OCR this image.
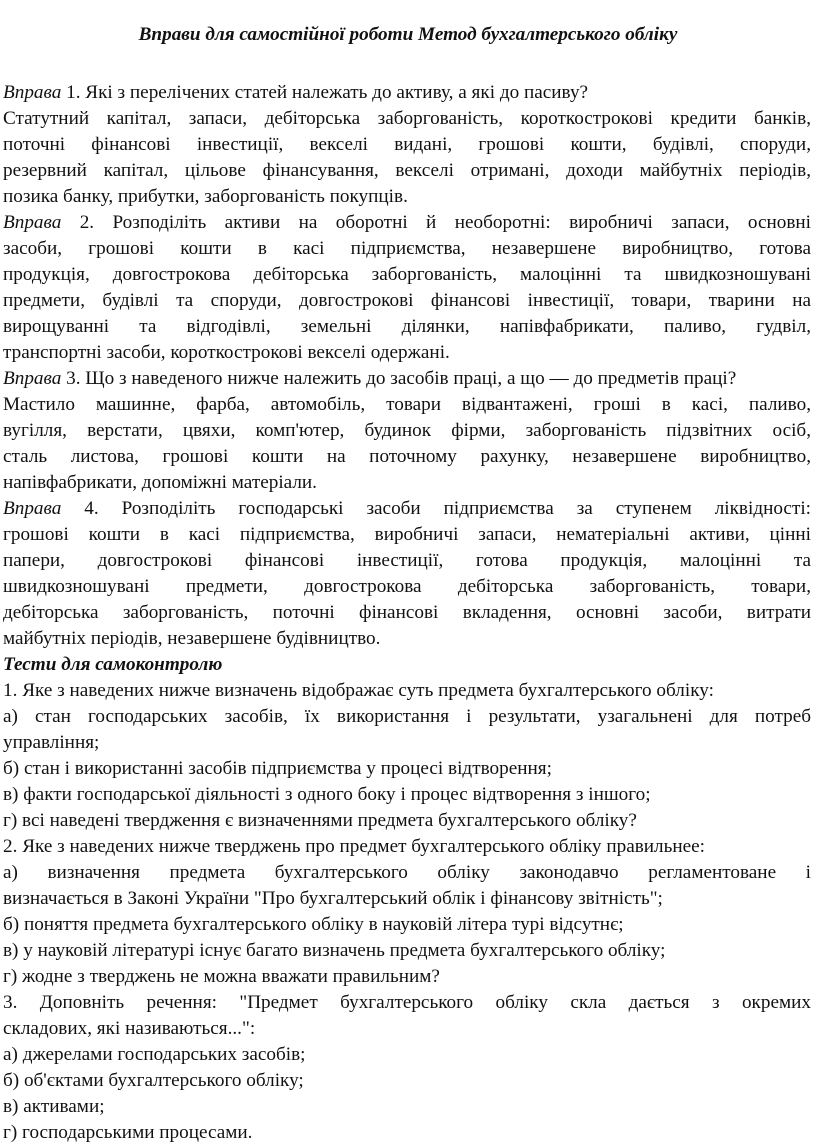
Вправи для самостійної роботи Метод бухгалтерського обліку
Вправа 1. Які з перелічених статей належать до активу, а які до пасиву?
Статутний капітал, запаси, дебіторська заборгованість, короткострокові кредити банків,
поточні фінансові інвестиції, векселі видані, грошові кошти, будівлі, споруди,
резервний капітал, цільове фінансування, векселі отримані, доходи майбутніх періодів,
позика банку, прибутки, заборгованість покупців.
Вправа 2. Розподіліть активи на оборотні й необоротні: виробничі запаси, основні
засоби, грошові кошти в касі підприємства, незавершене виробництво, готова
продукція, довгострокова дебіторська заборгованість, малоцінні та швидкозношувані
предмети, будівлі та споруди, довгострокові фінансові інвестиції, товари, тварини на
вирощуванні та відгодівлі, земельні ділянки, напівфабрикати, паливо, гудвіл,
транспортні засоби, короткострокові векселі одержані.
Вправа 3. Що з наведеного нижче належить до засобів праці, а що — до предметів праці?
Мастило машинне, фарба, автомобіль, товари відвантажені, гроші в касі, паливо,
вугілля, верстати, цвяхи, комп'ютер, будинок фірми, заборгованість підзвітних осіб,
сталь листова, грошові кошти на поточному рахунку, незавершене виробництво,
напівфабрикати, допоміжні матеріали.
Вправа 4. Розподіліть господарські засоби підприємства за ступенем ліквідності:
грошові кошти в касі підприємства, виробничі запаси, нематеріальні активи, цінні
папери, довгострокові фінансові інвестиції, готова продукція, малоцінні та
швидкозношувані предмети, довгострокова дебіторська заборгованість, товари,
дебіторська заборгованість, поточні фінансові вкладення, основні засоби, витрати
майбутніх періодів, незавершене будівництво.
Тести для самоконтролю
1. Яке з наведених нижче визначень відображає суть предмета бухгалтерського обліку:
а) стан господарських засобів, їх використання і результати, узагальнені для потреб
управління;
б) стан і використанні засобів підприємства у процесі відтворення;
в) факти господарської діяльності з одного боку і процес відтворення з іншого;
г) всі наведені твердження є визначеннями предмета бухгалтерського обліку?
2. Яке з наведених нижче тверджень про предмет бухгалтерського обліку правильнее:
а) визначення предмета бухгалтерського обліку законодавчо регламентоване і
визначається в Законі України "Про бухгалтерський облік і фінансову звітність";
б) поняття предмета бухгалтерського обліку в науковій літера турі відсутнє;
в) у науковій літературі існує багато визначень предмета бухгалтерського обліку;
г) жодне з тверджень не можна вважати правильним?
3. Доповніть речення: "Предмет бухгалтерського обліку скла дається з окремих
складових, які називаються...":
а) джерелами господарських засобів;
б) об'єктами бухгалтерського обліку;
в) активами;
г) господарськими процесами.
